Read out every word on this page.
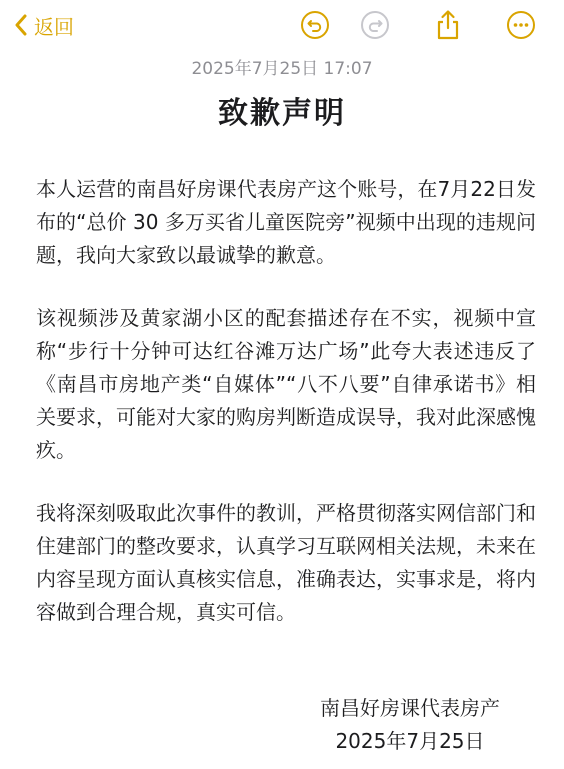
返回
2025年7月25日 17:07
致歉声明

本人运营的南昌好房课代表房产这个账号，在7月22日发布的“总价 30 多万买省儿童医院旁”视频中出现的违规问题，我向大家致以最诚挚的歉意。

该视频涉及黄家湖小区的配套描述存在不实，视频中宣称“步行十分钟可达红谷滩万达广场”此夸大表述违反了《南昌市房地产类“自媒体”“八不八要”自律承诺书》相关要求，可能对大家的购房判断造成误导，我对此深感愧疚。

我将深刻吸取此次事件的教训，严格贯彻落实网信部门和住建部门的整改要求，认真学习互联网相关法规，未来在内容呈现方面认真核实信息，准确表达，实事求是，将内容做到合理合规，真实可信。

南昌好房课代表房产
2025年7月25日
